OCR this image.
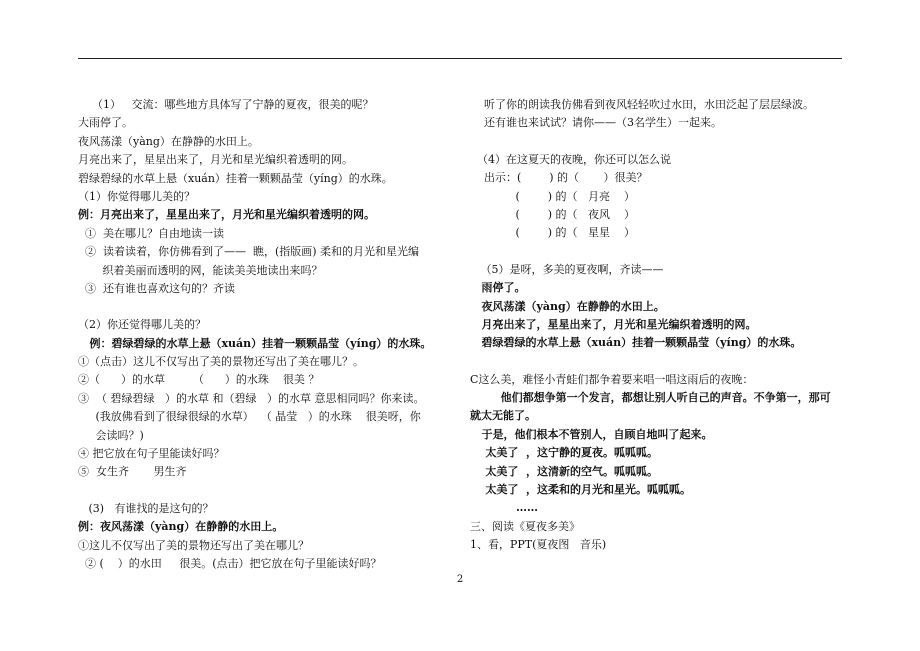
（1）   交流：哪些地方具体写了宁静的夏夜，很美的呢？
大雨停了。
夜风荡漾（yàng）在静静的水田上。
月亮出来了，星星出来了，月光和星光编织着透明的网。
碧绿碧绿的水草上悬（xuán）挂着一颗颗晶莹（yíng）的水珠。
（1）你觉得哪儿美的？
例：月亮出来了，星星出来了，月光和星光编织着透明的网。
①  美在哪儿？自由地读一读
②  读着读着，你仿佛看到了——  瞧，(指版画) 柔和的月光和星光编
织着美丽而透明的网，能读美美地读出来吗？
③  还有谁也喜欢这句的？齐读
（2）你还觉得哪儿美的？
例：碧绿碧绿的水草上悬（xuán）挂着一颗颗晶莹（yíng）的水珠。
①（点击）这儿不仅写出了美的景物还写出了美在哪儿？。
②（      ）的水草        （      ）的水珠    很美 ？
③  （ 碧绿碧绿   ）的水草 和（碧绿   ）的水草 意思相同吗？你来读。
(我放佛看到了很绿很绿的水草）  （ 晶莹   ）的水珠    很美呀，你
会读吗？)
④ 把它放在句子里能读好吗？
⑤  女生齐       男生齐
(3)   有谁找的是这句的？
例：夜风荡漾（yàng）在静静的水田上。
①这儿不仅写出了美的景物还写出了美在哪儿？
② (    ）的水田     很美。(点击）把它放在句子里能读好吗？
听了你的朗读我仿佛看到夜风轻轻吹过水田，水田泛起了层层绿波。
还有谁也来试试？请你——（3名学生）一起来。
（4）在这夏天的夜晚，你还可以怎么说
出示：(        ) 的（       ）很美？
(        ) 的（   月亮    ）
(        ) 的（   夜风    ）
(        ) 的（   星星    ）
（5）是呀，多美的夏夜啊，齐读——
雨停了。
夜风荡漾（yàng）在静静的水田上。
月亮出来了，星星出来了，月光和星光编织着透明的网。
碧绿碧绿的水草上悬（xuán）挂着一颗颗晶莹（yíng）的水珠。
C这么美，难怪小青蛙们都争着要来唱一唱这雨后的夜晚：
他们都想争第一个发言，都想让别人听自己的声音。不争第一，那可
就太无能了。
于是，他们根本不管别人，自顾自地叫了起来。
太美了  ，这宁静的夏夜。呱呱呱。
太美了  ，这清新的空气。呱呱呱。
太美了  ，这柔和的月光和星光。呱呱呱。
……
三、阅读《夏夜多美》
1、看，PPT(夏夜图   音乐)
2
